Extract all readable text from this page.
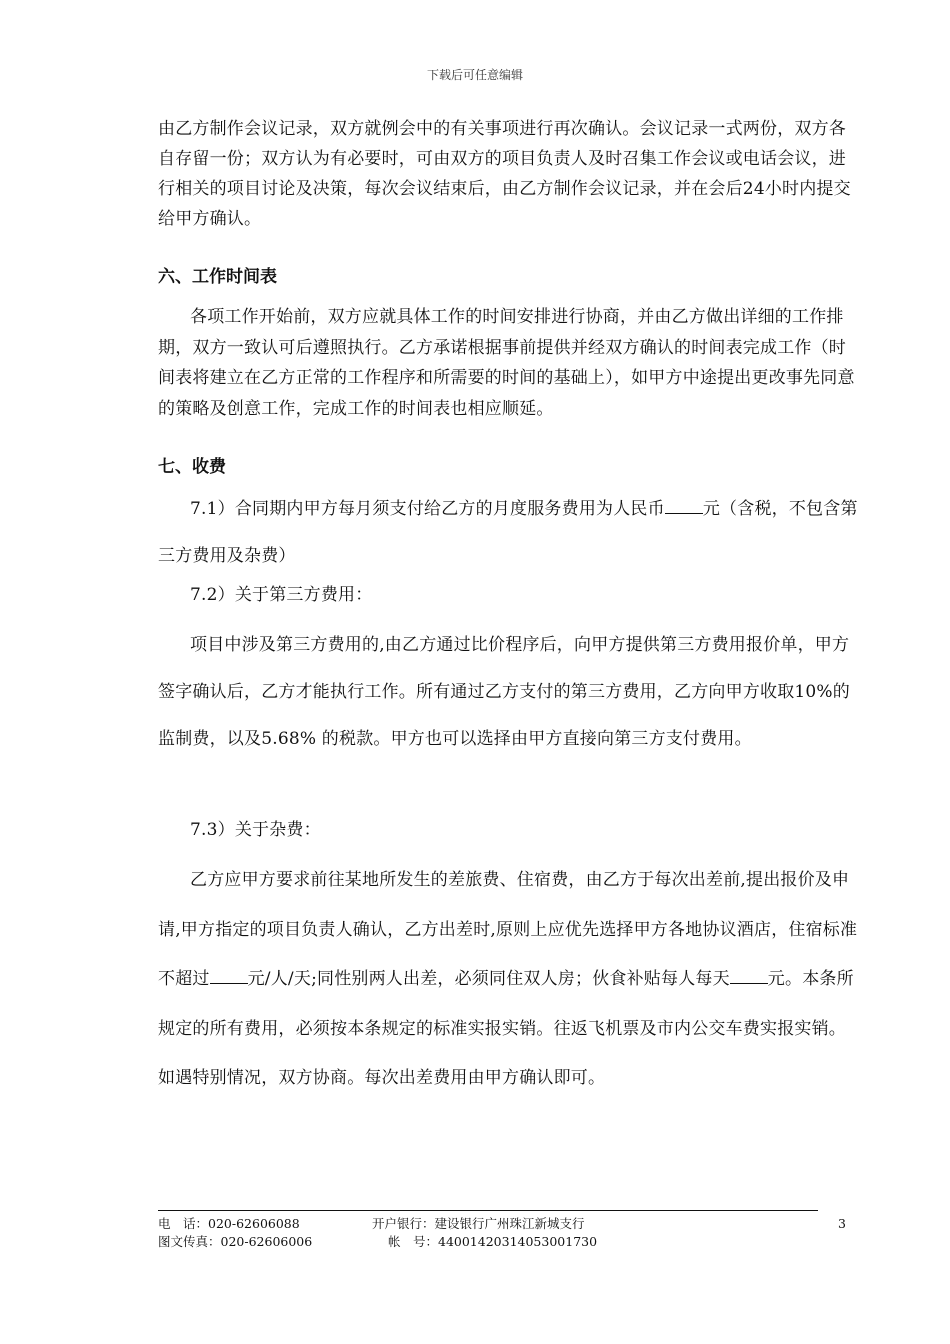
下载后可任意编辑

由乙方制作会议记录，双方就例会中的有关事项进行再次确认。会议记录一式两份，双方各自存留一份；双方认为有必要时，可由双方的项目负责人及时召集工作会议或电话会议，进行相关的项目讨论及决策，每次会议结束后，由乙方制作会议记录，并在会后24小时内提交给甲方确认。

六、工作时间表

各项工作开始前，双方应就具体工作的时间安排进行协商，并由乙方做出详细的工作排期，双方一致认可后遵照执行。乙方承诺根据事前提供并经双方确认的时间表完成工作（时间表将建立在乙方正常的工作程序和所需要的时间的基础上），如甲方中途提出更改事先同意的策略及创意工作，完成工作的时间表也相应顺延。

七、收费

7.1）合同期内甲方每月须支付给乙方的月度服务费用为人民币 元（含税，不包含第三方费用及杂费）

7.2）关于第三方费用：

项目中涉及第三方费用的,由乙方通过比价程序后，向甲方提供第三方费用报价单，甲方签字确认后，乙方才能执行工作。所有通过乙方支付的第三方费用，乙方向甲方收取10%的监制费，以及5.68% 的税款。甲方也可以选择由甲方直接向第三方支付费用。

7.3）关于杂费：

乙方应甲方要求前往某地所发生的差旅费、住宿费，由乙方于每次出差前,提出报价及申请,甲方指定的项目负责人确认，乙方出差时,原则上应优先选择甲方各地协议酒店，住宿标准不超过 元/人/天;同性别两人出差，必须同住双人房；伙食补贴每人每天 元。本条所规定的所有费用，必须按本条规定的标准实报实销。往返飞机票及市内公交车费实报实销。如遇特别情况，双方协商。每次出差费用由甲方确认即可。

电　话：020-62606088
图文传真：020-62606006
开户银行：建设银行广州珠江新城支行
帐　号：44001420314053001730
3
